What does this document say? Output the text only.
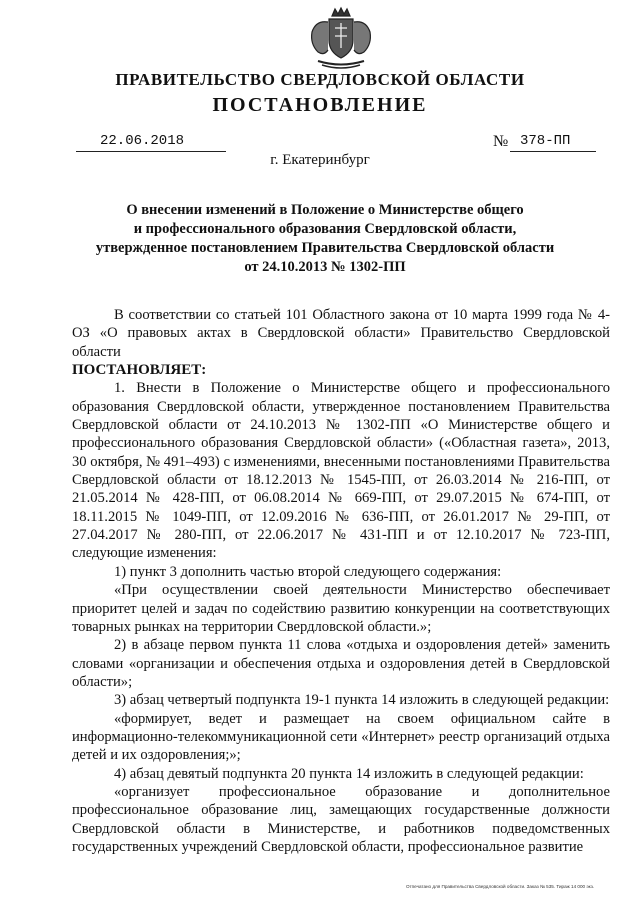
ПРАВИТЕЛЬСТВО СВЕРДЛОВСКОЙ ОБЛАСТИ
ПОСТАНОВЛЕНИЕ
22.06.2018	№ 378-ПП
г. Екатеринбург
О внесении изменений в Положение о Министерстве общего
и профессионального образования Свердловской области,
утвержденное постановлением Правительства Свердловской области
от 24.10.2013 № 1302-ПП

В соответствии со статьей 101 Областного закона от 10 марта 1999 года № 4-ОЗ «О правовых актах в Свердловской области» Правительство Свердловской области

ПОСТАНОВЛЯЕТ:

1. Внести в Положение о Министерстве общего и профессионального образования Свердловской области, утвержденное постановлением Правительства Свердловской области от 24.10.2013 № 1302-ПП «О Министерстве общего и профессионального образования Свердловской области» («Областная газета», 2013, 30 октября, № 491–493) с изменениями, внесенными постановлениями Правительства Свердловской области от 18.12.2013 № 1545-ПП, от 26.03.2014 № 216-ПП, от 21.05.2014 № 428-ПП, от 06.08.2014 № 669-ПП, от 29.07.2015 № 674-ПП, от 18.11.2015 № 1049-ПП, от 12.09.2016 № 636-ПП, от 26.01.2017 № 29-ПП, от 27.04.2017 № 280-ПП, от 22.06.2017 № 431-ПП и от 12.10.2017 № 723-ПП, следующие изменения:

1) пункт 3 дополнить частью второй следующего содержания:

«При осуществлении своей деятельности Министерство обеспечивает приоритет целей и задач по содействию развитию конкуренции на соответствующих товарных рынках на территории Свердловской области.»;

2) в абзаце первом пункта 11 слова «отдыха и оздоровления детей» заменить словами «организации и обеспечения отдыха и оздоровления детей в Свердловской области»;

3) абзац четвертый подпункта 19-1 пункта 14 изложить в следующей редакции:

«формирует, ведет и размещает на своем официальном сайте в информационно-телекоммуникационной сети «Интернет» реестр организаций отдыха детей и их оздоровления;»;

4) абзац девятый подпункта 20 пункта 14 изложить в следующей редакции:

«организует профессиональное образование и дополнительное профессиональное образование лиц, замещающих государственные должности Свердловской области в Министерстве, и работников подведомственных государственных учреждений Свердловской области, профессиональное развитие

Отпечатано для Правительства Свердловской области. Заказ № 535. Тираж 14 000 экз.
